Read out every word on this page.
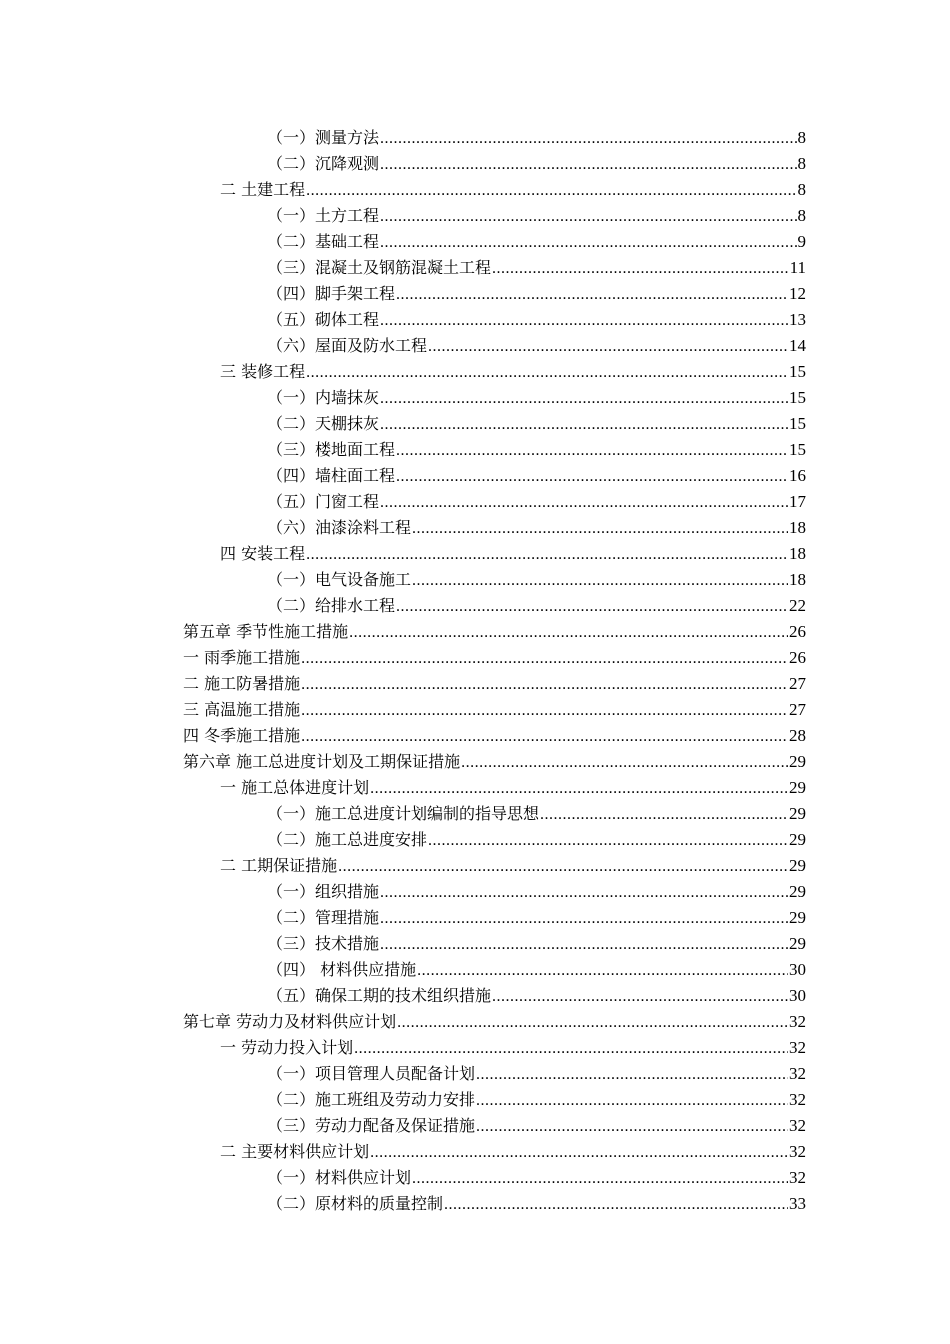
（一）测量方法 .....	8
（二）沉降观测 .....	8
二 土建工程 .....	8
（一）土方工程 .....	8
（二）基础工程 .....	9
（三）混凝土及钢筋混凝土工程 .....	11
（四）脚手架工程 .....	12
（五）砌体工程 .....	13
（六）屋面及防水工程 .....	14
三 装修工程 .....	15
（一）内墙抹灰 .....	15
（二）天棚抹灰 .....	15
（三）楼地面工程 .....	15
（四）墙柱面工程 .....	16
（五）门窗工程 .....	17
（六）油漆涂料工程 .....	18
四 安装工程 .....	18
（一）电气设备施工 .....	18
（二）给排水工程 .....	22
第五章 季节性施工措施 .....	26
一 雨季施工措施 .....	26
二 施工防暑措施 .....	27
三 高温施工措施 .....	27
四 冬季施工措施 .....	28
第六章 施工总进度计划及工期保证措施 .....	29
一 施工总体进度计划 .....	29
（一）施工总进度计划编制的指导思想 .....	29
（二）施工总进度安排 .....	29
二 工期保证措施 .....	29
（一）组织措施 .....	29
（二）管理措施 .....	29
（三）技术措施 .....	29
（四） 材料供应措施 .....	30
（五）确保工期的技术组织措施 .....	30
第七章 劳动力及材料供应计划 .....	32
一 劳动力投入计划 .....	32
（一）项目管理人员配备计划 .....	32
（二）施工班组及劳动力安排 .....	32
（三）劳动力配备及保证措施 .....	32
二 主要材料供应计划 .....	32
（一）材料供应计划 .....	32
（二）原材料的质量控制 .....	33
